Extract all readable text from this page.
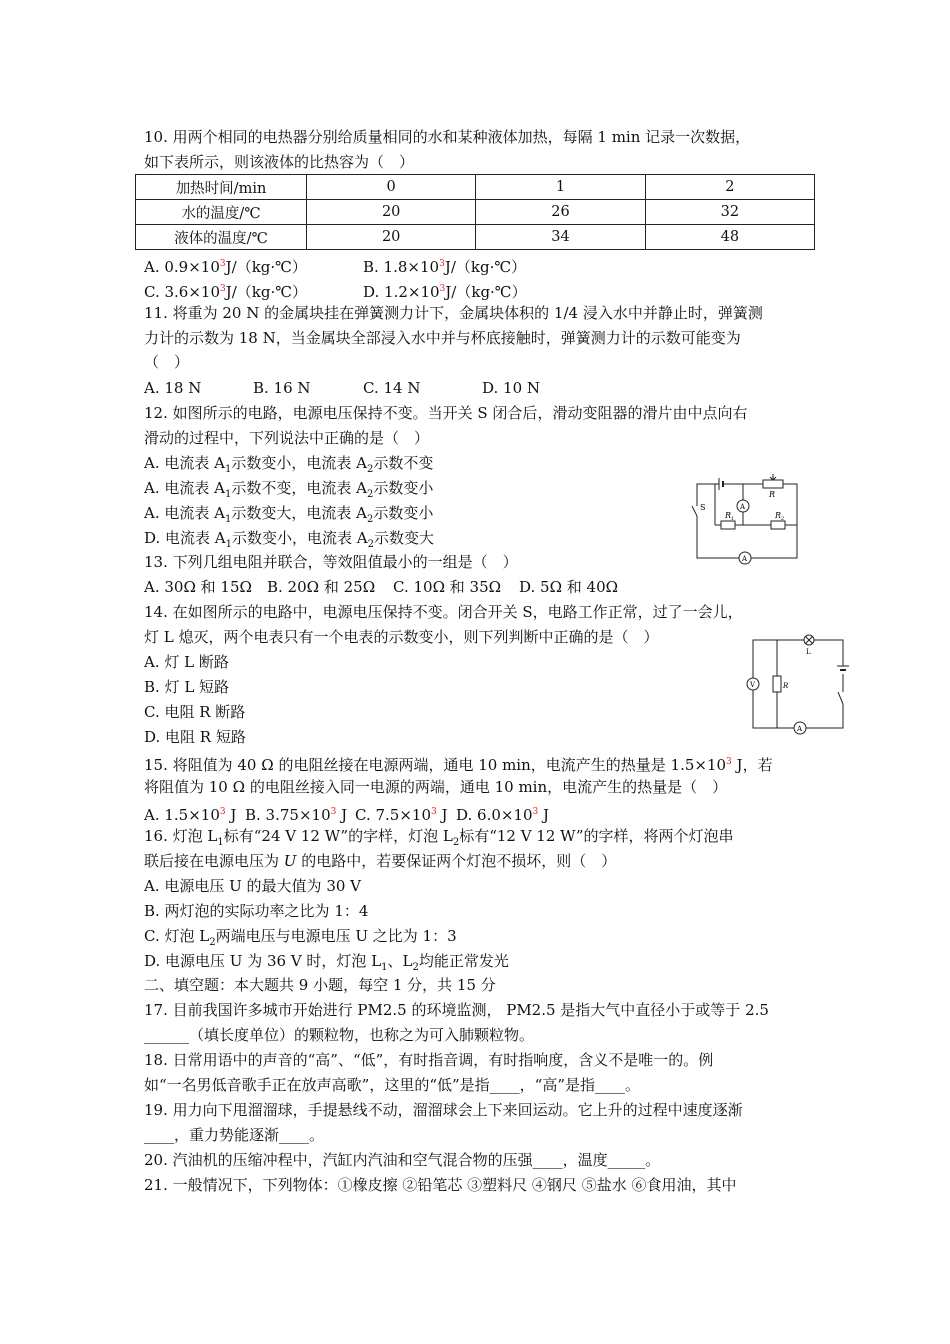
10. 用两个相同的电热器分别给质量相同的水和某种液体加热，每隔 1 min 记录一次数据，
如下表所示，则该液体的比热容为（　）
加热时间/min	0	1	2
水的温度/℃	20	26	32
液体的温度/℃	20	34	48
A. $0.9\times 10^3J/(kg\cdot℃)$	B. $1.8\times 10^3J/(kg\cdot℃)$
C. $3.6\times 10^3J/(kg\cdot℃)$	D. $1.2\times 10^3J/(kg\cdot℃)$
11. 将重为 20 N 的金属块挂在弹簧测力计下，金属块体积的 1/4 浸入水中并静止时，弹簧测
力计的示数为 18 N，当金属块全部浸入水中并与杯底接触时，弹簧测力计的示数可能变为
（　）
A. 18 N	B. 16 N	C. 14 N	D. 10 N
12. 如图所示的电路，电源电压保持不变。当开关 S 闭合后，滑动变阻器的滑片由中点向右
滑动的过程中，下列说法中正确的是（　）
A. 电流表 $A_1$示数变小，电流表 $A_2$示数不变
A. 电流表 $A_1$示数不变，电流表 $A_2$示数变小
A. 电流表 $A_1$示数变大，电流表 $A_2$示数变小
D. 电流表 $A_1$示数变小，电流表 $A_2$示数变大
S
R
$R_1$	$R_2$
A
A
13. 下列几组电阻并联合，等效阻值最小的一组是（　）
A. 30Ω 和 15Ω B. 20Ω 和 25Ω C. 10Ω 和 35Ω D. 5Ω 和 40Ω
14. 在如图所示的电路中，电源电压保持不变。闭合开关 S，电路工作正常，过了一会儿，
灯 L 熄灭，两个电表只有一个电表的示数变小，则下列判断中正确的是（　）
A. 灯 L 断路
B. 灯 L 短路
C. 电阻 R 断路
D. 电阻 R 短路
L
R
V
A
15. 将阻值为 40 Ω 的电阻丝接在电源两端，通电 10 min，电流产生的热量是 $1.5\times 10^3$ J，若
将阻值为 10 Ω 的电阻丝接入同一电源的两端，通电 10 min，电流产生的热量是（　）
A. $1.5\times 10^3$ J B. $3.75\times 10^3$ J C. $7.5\times 10^3$ J D. $6.0\times 10^3$ J
16. 灯泡 $L_1$标有“24 V 12 W”的字样，灯泡 $L_2$标有“12 V 12 W”的字样，将两个灯泡串
联后接在电源电压为 U 的电路中，若要保证两个灯泡不损坏，则（　）
A. 电源电压 U 的最大值为 30 V
B. 两灯泡的实际功率之比为 1：4
C. 灯泡 $L_2$两端电压与电源电压 U 之比为 1：3
D. 电源电压 U 为 36 V 时，灯泡 $L_1$、$L_2$均能正常发光
二、填空题：本大题共 9 小题，每空 1 分，共 15 分
17. 目前我国许多城市开始进行 PM2.5 的环境监测， PM2.5 是指大气中直径小于或等于 2.5
______（填长度单位）的颗粒物，也称之为可入肺颗粒物。
18. 日常用语中的声音的“高”、“低”，有时指音调，有时指响度，含义不是唯一的。例
如“一名男低音歌手正在放声高歌”，这里的“低”是指____，“高”是指____。
19. 用力向下甩溜溜球，手提悬线不动，溜溜球会上下来回运动。它上升的过程中速度逐渐
____，重力势能逐渐____。
20. 汽油机的压缩冲程中，汽缸内汽油和空气混合物的压强____，温度_____。
21. 一般情况下，下列物体：①橡皮擦 ②铅笔芯 ③塑料尺 ④钢尺 ⑤盐水 ⑥食用油，其中
